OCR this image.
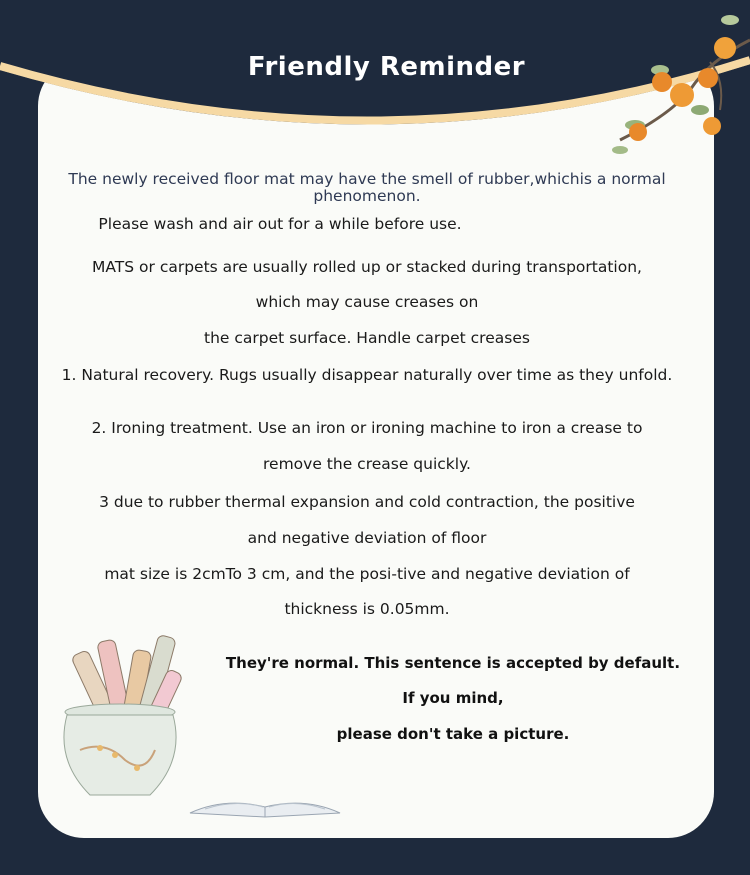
Friendly Reminder
The newly received floor mat may have the smell of rubber,whichis a normal phenomenon.
Please wash and air out for a while before use.
MATS or carpets are usually rolled up or stacked during transportation,
which may cause creases on
the carpet surface. Handle carpet creases
1. Natural recovery. Rugs usually disappear naturally over time as they unfold.
2. Ironing treatment. Use an iron or ironing machine to iron a crease to
remove the crease quickly.
3 due to rubber thermal expansion and cold contraction, the positive
and negative deviation of floor
mat size is 2cmTo 3 cm, and the posi-tive and negative deviation of
thickness is 0.05mm.
They're normal. This sentence is accepted by default.
If you mind,
please don't take a picture.
